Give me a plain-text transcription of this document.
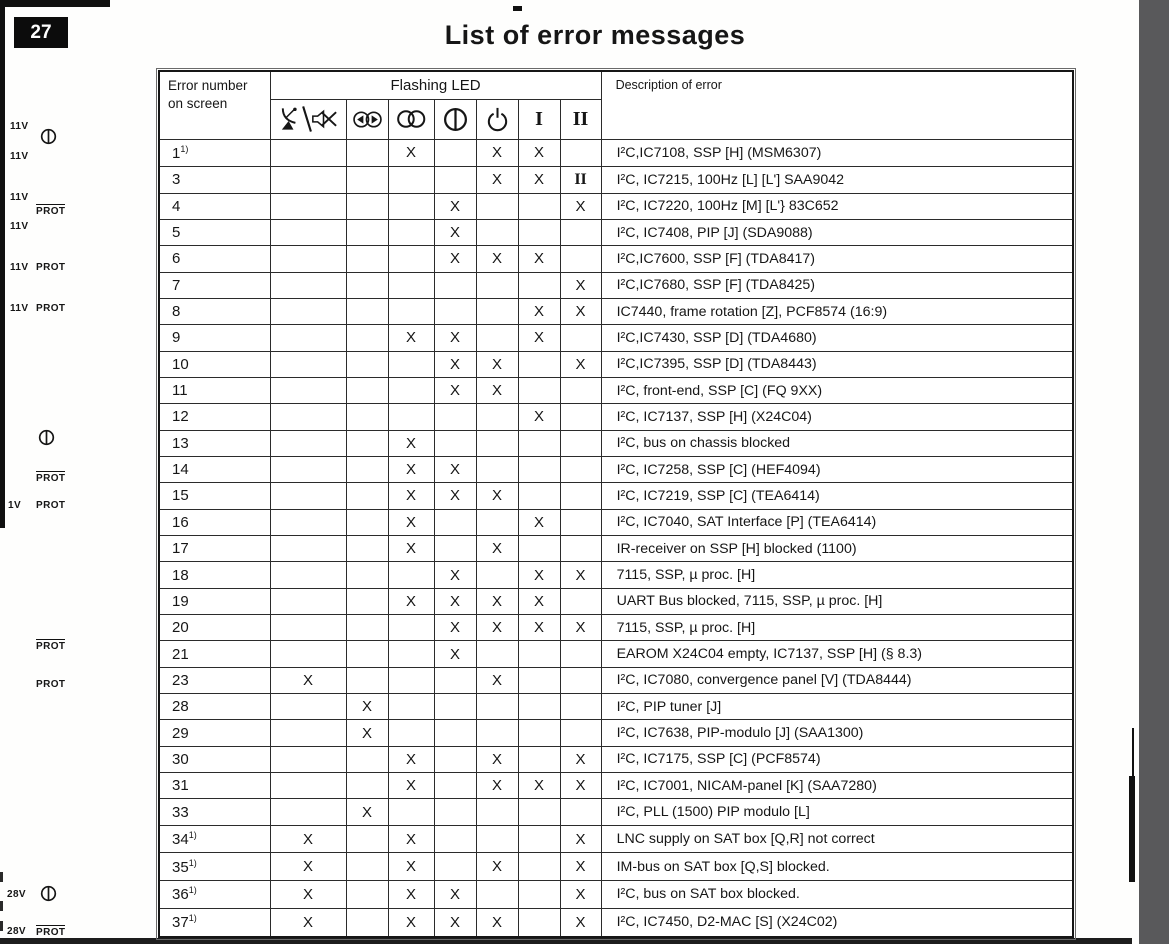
27	List of error messages
11V
11V
11V
PROT
11V
11V PROT
11V PROT
PROT
1V PROT
PROT
PROT
28V
28V PROT
Error number on screen	Flashing LED							Description of error
					I	II	
1$^{1)}$			X		X	X		I²C,IC7108, SSP [H] (MSM6307)
3					X	X	II	I²C, IC7215, 100Hz [L] [L'] SAA9042
4				X			X	I²C, IC7220, 100Hz [M] [L'} 83C652
5				X				I²C, IC7408, PIP [J] (SDA9088)
6				X	X	X		I²C,IC7600, SSP [F] (TDA8417)
7							X	I²C,IC7680, SSP [F] (TDA8425)
8						X	X	IC7440, frame rotation [Z], PCF8574 (16:9)
9			X	X		X		I²C,IC7430, SSP [D] (TDA4680)
10				X	X		X	I²C,IC7395, SSP [D] (TDA8443)
11				X	X			I²C, front-end, SSP [C] (FQ 9XX)
12						X		I²C, IC7137, SSP [H] (X24C04)
13			X					I²C, bus on chassis blocked
14			X	X				I²C, IC7258, SSP [C] (HEF4094)
15			X	X	X			I²C, IC7219, SSP [C] (TEA6414)
16			X			X		I²C, IC7040, SAT Interface [P] (TEA6414)
17			X		X			IR-receiver on SSP [H] blocked (1100)
18				X		X	X	7115, SSP, µ proc. [H]
19			X	X	X	X		UART Bus blocked, 7115, SSP, µ proc. [H]
20				X	X	X	X	7115, SSP, µ proc. [H]
21				X				EAROM X24C04 empty, IC7137, SSP [H] (§ 8.3)
23	X				X			I²C, IC7080, convergence panel [V] (TDA8444)
28		X						I²C, PIP tuner [J]
29		X						I²C, IC7638, PIP-modulo [J] (SAA1300)
30			X		X		X	I²C, IC7175, SSP [C] (PCF8574)
31			X		X	X	X	I²C, IC7001, NICAM-panel [K] (SAA7280)
33		X						I²C, PLL (1500) PIP modulo [L]
34$^{1)}$	X		X				X	LNC supply on SAT box [Q,R] not correct
35$^{1)}$	X		X		X		X	IM-bus on SAT box [Q,S] blocked.
36$^{1)}$	X		X	X			X	I²C, bus on SAT box blocked.
37$^{1)}$	X		X	X	X		X	I²C, IC7450, D2-MAC [S] (X24C02)
